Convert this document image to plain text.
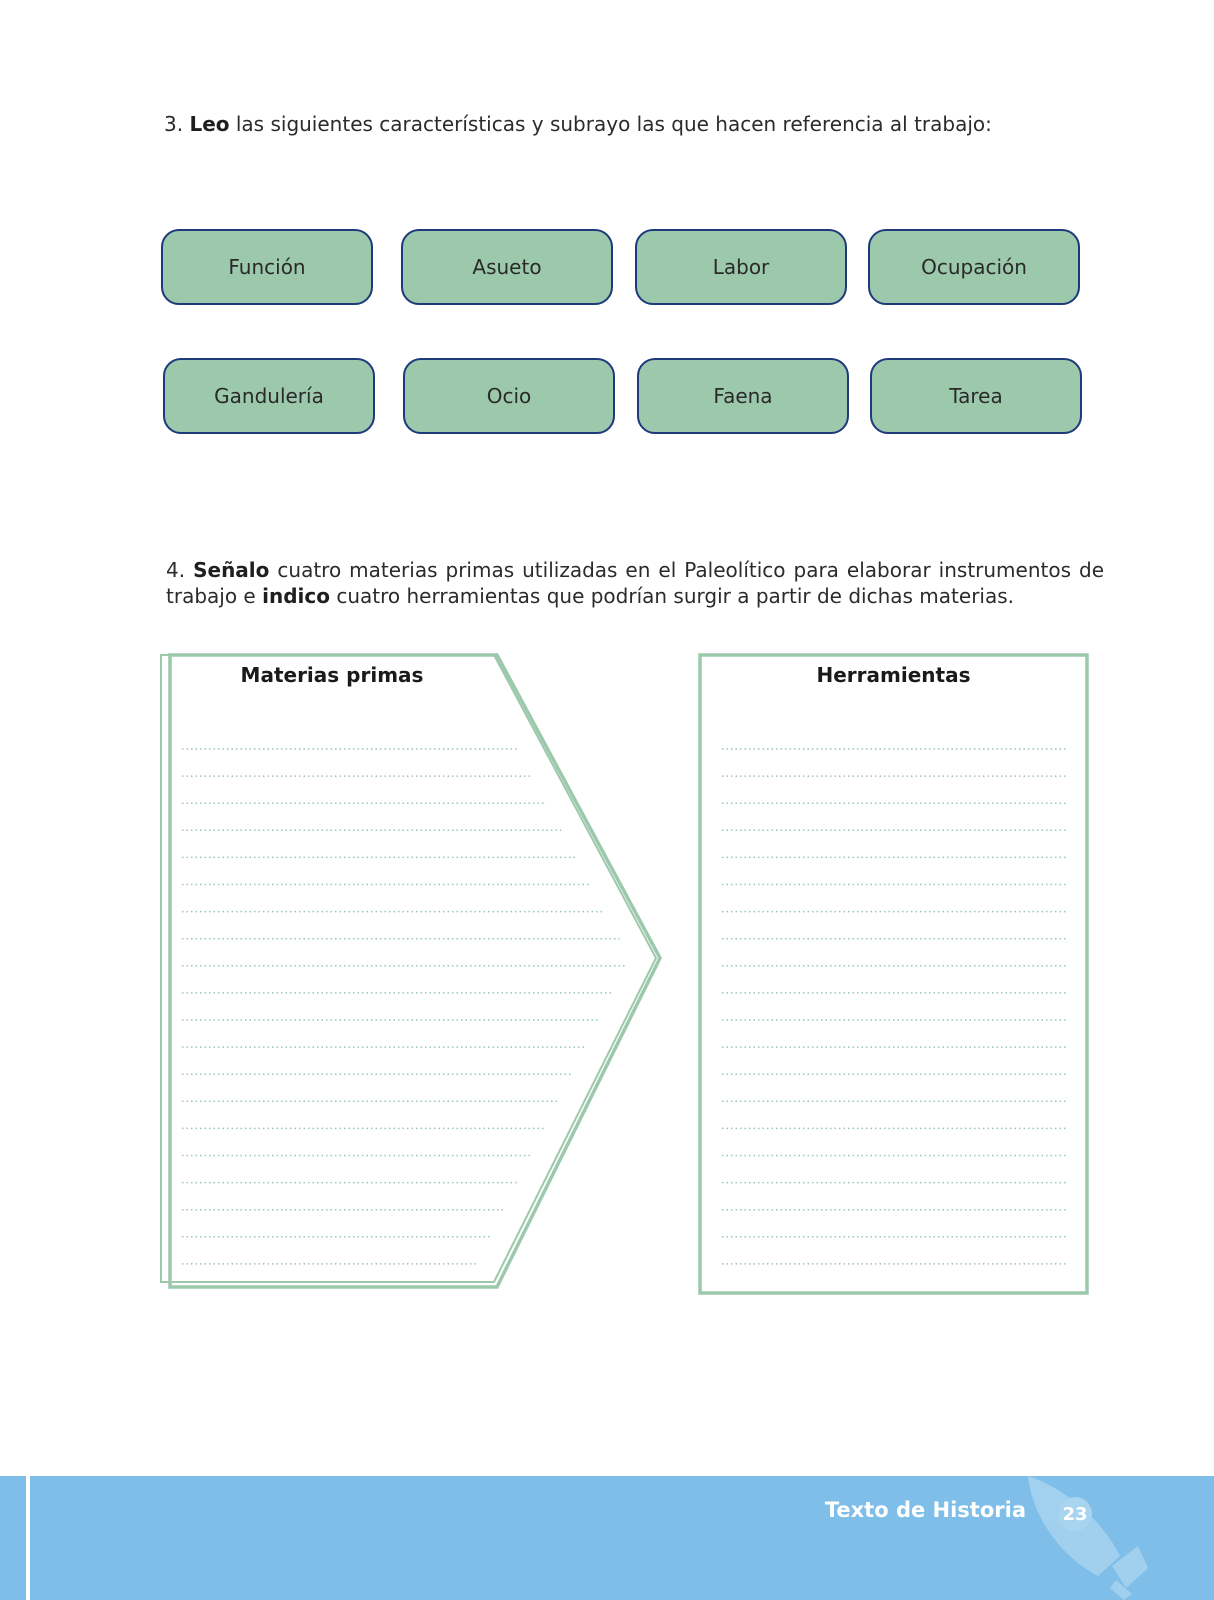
3. Leo las siguientes características y subrayo las que hacen referencia al trabajo:
Función	Asueto	Labor	Ocupación
Gandulería	Ocio	Faena	Tarea
4. Señalo cuatro materias primas utilizadas en el Paleolítico para elaborar instrumentos de trabajo e indico cuatro herramientas que podrían surgir a partir de dichas materias.
Materias primas	Herramientas
Texto de Historia 23
